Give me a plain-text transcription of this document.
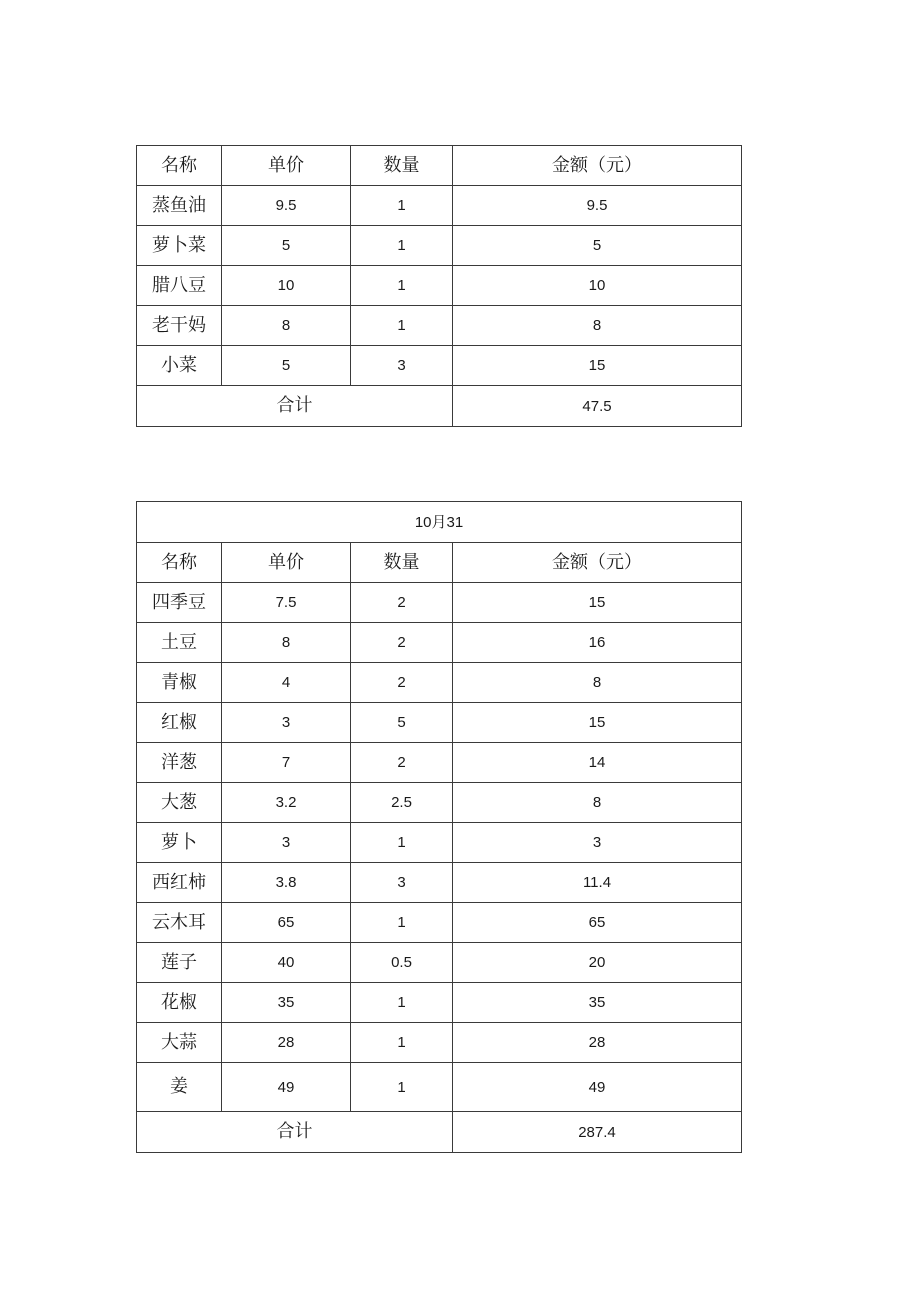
名称	单价	数量	金额（元）
蒸鱼油	9.5	1	9.5
萝卜菜	5	1	5
腊八豆	10	1	10
老干妈	8	1	8
小菜	5	3	15
合计			47.5
10月31			
名称	单价	数量	金额（元）
四季豆	7.5	2	15
土豆	8	2	16
青椒	4	2	8
红椒	3	5	15
洋葱	7	2	14
大葱	3.2	2.5	8
萝卜	3	1	3
西红柿	3.8	3	11.4
云木耳	65	1	65
莲子	40	0.5	20
花椒	35	1	35
大蒜	28	1	28
姜	49	1	49
合计			287.4
